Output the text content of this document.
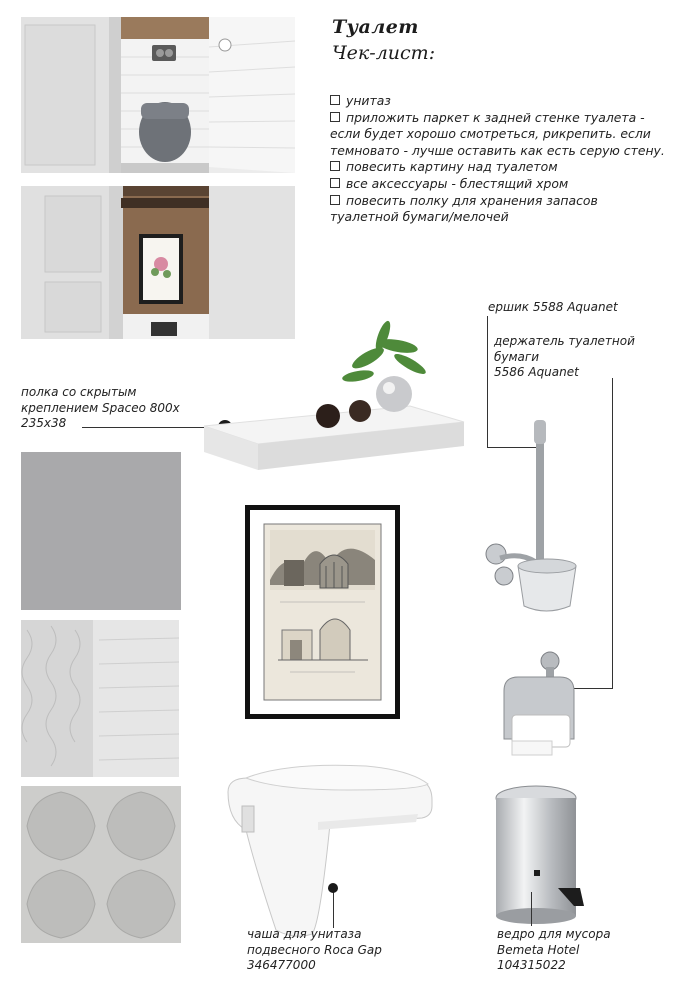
Туалет
Чек-лист:
унитаз
приложить паркет к задней стенке туалета - если будет хорошо смотреться, рикрепить. если темновато - лучше оставить как есть серую стену.
повесить картину над туалетом
все аксессуары - блестящий хром
повесить полку для хранения запасов туалетной бумаги/мелочей
ершик 5588 Aquanet
держатель туалетной
бумаги
5586 Aquanet
полка со скрытым
креплением Spaceo 800x
235x38
чаша для унитаза
подвесного Roca Gap
346477000
ведро для мусора
Bemeta Hotel
104315022
